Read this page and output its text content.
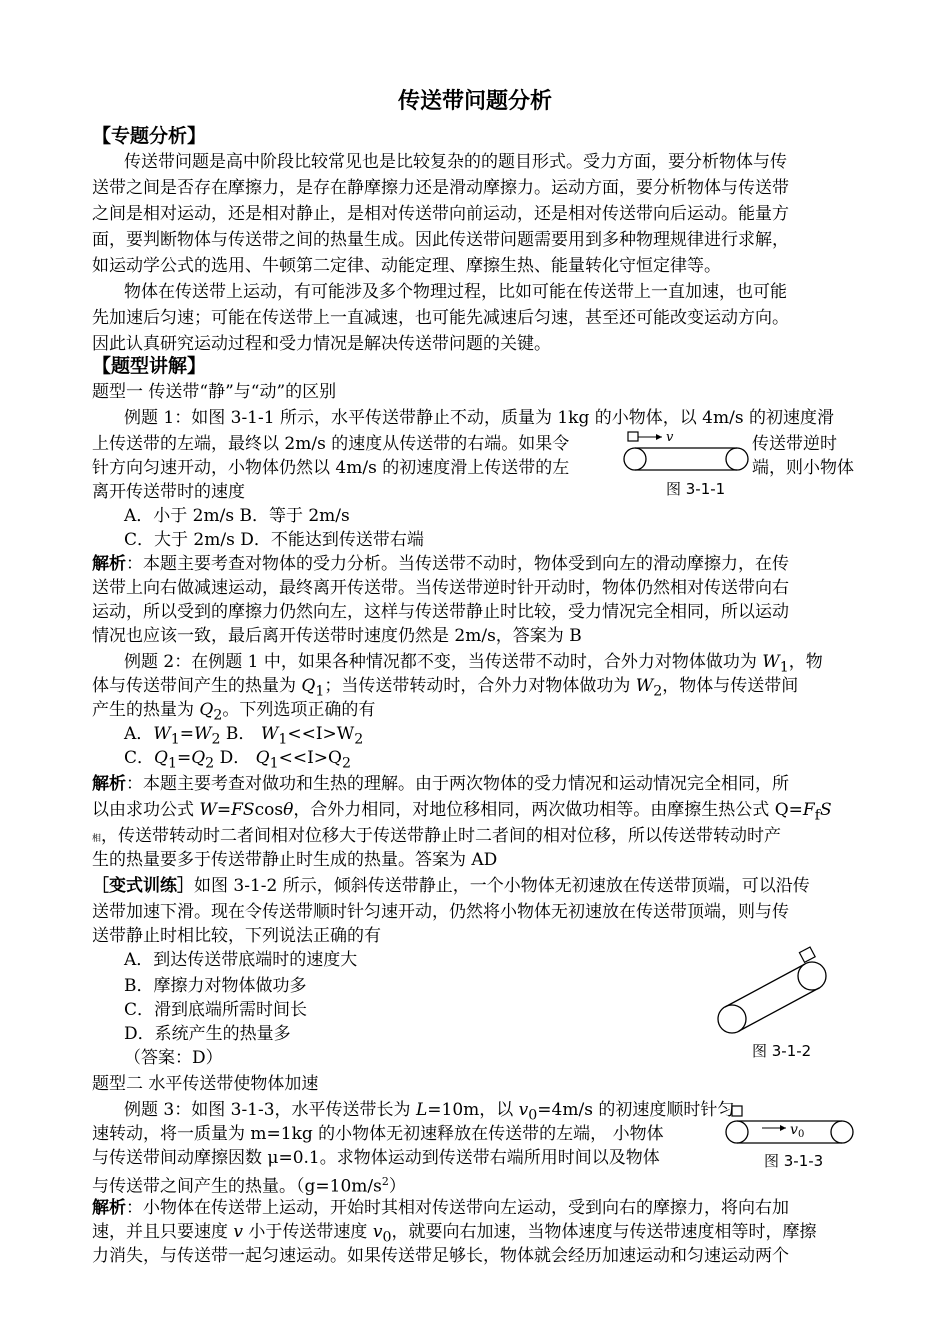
传送带问题分析
【专题分析】
传送带问题是高中阶段比较常见也是比较复杂的的题目形式。受力方面，要分析物体与传
送带之间是否存在摩擦力，是存在静摩擦力还是滑动摩擦力。运动方面，要分析物体与传送带
之间是相对运动，还是相对静止，是相对传送带向前运动，还是相对传送带向后运动。能量方
面，要判断物体与传送带之间的热量生成。因此传送带问题需要用到多种物理规律进行求解，
如运动学公式的选用、牛顿第二定律、动能定理、摩擦生热、能量转化守恒定律等。
物体在传送带上运动，有可能涉及多个物理过程，比如可能在传送带上一直加速，也可能
先加速后匀速；可能在传送带上一直减速，也可能先减速后匀速，甚至还可能改变运动方向。
因此认真研究运动过程和受力情况是解决传送带问题的关键。
【题型讲解】
题型一 传送带“静”与“动”的区别
例题 1：如图 3-1-1 所示，水平传送带静止不动，质量为 1kg 的小物体，以 4m/s 的初速度滑
上传送带的左端，最终以 2m/s 的速度从传送带的右端。如果令	传送带逆时
针方向匀速开动，小物体仍然以 4m/s 的初速度滑上传送带的左	端，则小物体
离开传送带时的速度
A．小于 2m/s B．等于 2m/s
C．大于 2m/s D．不能达到传送带右端
v
图 3-1-1
解析：本题主要考查对物体的受力分析。当传送带不动时，物体受到向左的滑动摩擦力，在传
送带上向右做减速运动，最终离开传送带。当传送带逆时针开动时，物体仍然相对传送带向右
运动，所以受到的摩擦力仍然向左，这样与传送带静止时比较，受力情况完全相同，所以运动
情况也应该一致，最后离开传送带时速度仍然是 2m/s，答案为 B
例题 2：在例题 1 中，如果各种情况都不变，当传送带不动时，合外力对物体做功为 $W_1$，物
体与传送带间产生的热量为 $Q_1$；当传送带转动时，合外力对物体做功为 $W_2$，物体与传送带间
产生的热量为 $Q_2$。下列选项正确的有
A．$W_1=W_2$ B． $W_1<<I>W_2$
C．$Q_1=Q_2$ D． $Q_1<<I>Q_2$
解析：本题主要考查对做功和生热的理解。由于两次物体的受力情况和运动情况完全相同，所
以由求功公式 W=FScosθ，合外力相同，对地位移相同，两次做功相等。由摩擦生热公式 $Q=F_fS$
相，传送带转动时二者间相对位移大于传送带静止时二者间的相对位移，所以传送带转动时产
生的热量要多于传送带静止时生成的热量。答案为 AD
［变式训练］如图 3-1-2 所示，倾斜传送带静止，一个小物体无初速放在传送带顶端，可以沿传
送带加速下滑。现在令传送带顺时针匀速开动，仍然将小物体无初速放在传送带顶端，则与传
送带静止时相比较，下列说法正确的有
A．到达传送带底端时的速度大
B．摩擦力对物体做功多
C．滑到底端所需时间长
D．系统产生的热量多
（答案：D）	图 3-1-2
题型二 水平传送带使物体加速
例题 3：如图 3-1-3，水平传送带长为 L=10m，以 $v_0=4m/s$ 的初速度顺时针匀
速转动，将一质量为 m=1kg 的小物体无初速释放在传送带的左端， 小物体
与传送带间动摩擦因数 μ=0.1。求物体运动到传送带右端所用时间以及物体
与传送带之间产生的热量。$(g=10m/s^2)$
v 0
图 3-1-3
解析：小物体在传送带上运动，开始时其相对传送带向左运动，受到向右的摩擦力，将向右加
速，并且只要速度 v 小于传送带速度 $v_0$，就要向右加速，当物体速度与传送带速度相等时，摩擦
力消失，与传送带一起匀速运动。如果传送带足够长，物体就会经历加速运动和匀速运动两个
